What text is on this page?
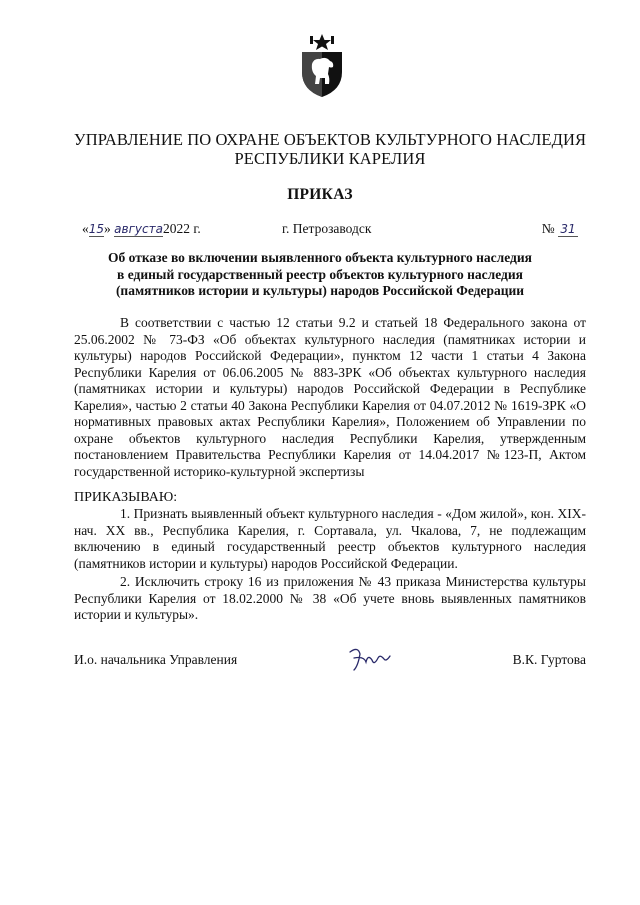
УПРАВЛЕНИЕ ПО ОХРАНЕ ОБЪЕКТОВ КУЛЬТУРНОГО НАСЛЕДИЯ
РЕСПУБЛИКИ КАРЕЛИЯ
ПРИКАЗ
«15» августа2022 г.	г. Петрозаводск	№ 31
Об отказе во включении выявленного объекта культурного наследия
в единый государственный реестр объектов культурного наследия
(памятников истории и культуры) народов Российской Федерации
В соответствии с частью 12 статьи 9.2 и статьей 18 Федерального закона от 25.06.2002 № 73-ФЗ «Об объектах культурного наследия (памятниках истории и культуры) народов Российской Федерации», пунктом 12 части 1 статьи 4 Закона Республики Карелия от 06.06.2005 № 883-ЗРК «Об объектах культурного наследия (памятниках истории и культуры) народов Российской Федерации в Республике Карелия», частью 2 статьи 40 Закона Республики Карелия от 04.07.2012 № 1619-ЗРК «О нормативных правовых актах Республики Карелия», Положением об Управлении по охране объектов культурного наследия Республики Карелия, утвержденным постановлением Правительства Республики Карелия от 14.04.2017 №123-П, Актом государственной историко-культурной экспертизы
ПРИКАЗЫВАЮ:
1. Признать выявленный объект культурного наследия - «Дом жилой», кон. XIX-нач. XX вв., Республика Карелия, г. Сортавала, ул. Чкалова, 7, не подлежащим включению в единый государственный реестр объектов культурного наследия (памятников истории и культуры) народов Российской Федерации.
2. Исключить строку 16 из приложения № 43 приказа Министерства культуры Республики Карелия от 18.02.2000 № 38 «Об учете вновь выявленных памятников истории и культуры».
И.о. начальника Управления	В.К. Гуртова
